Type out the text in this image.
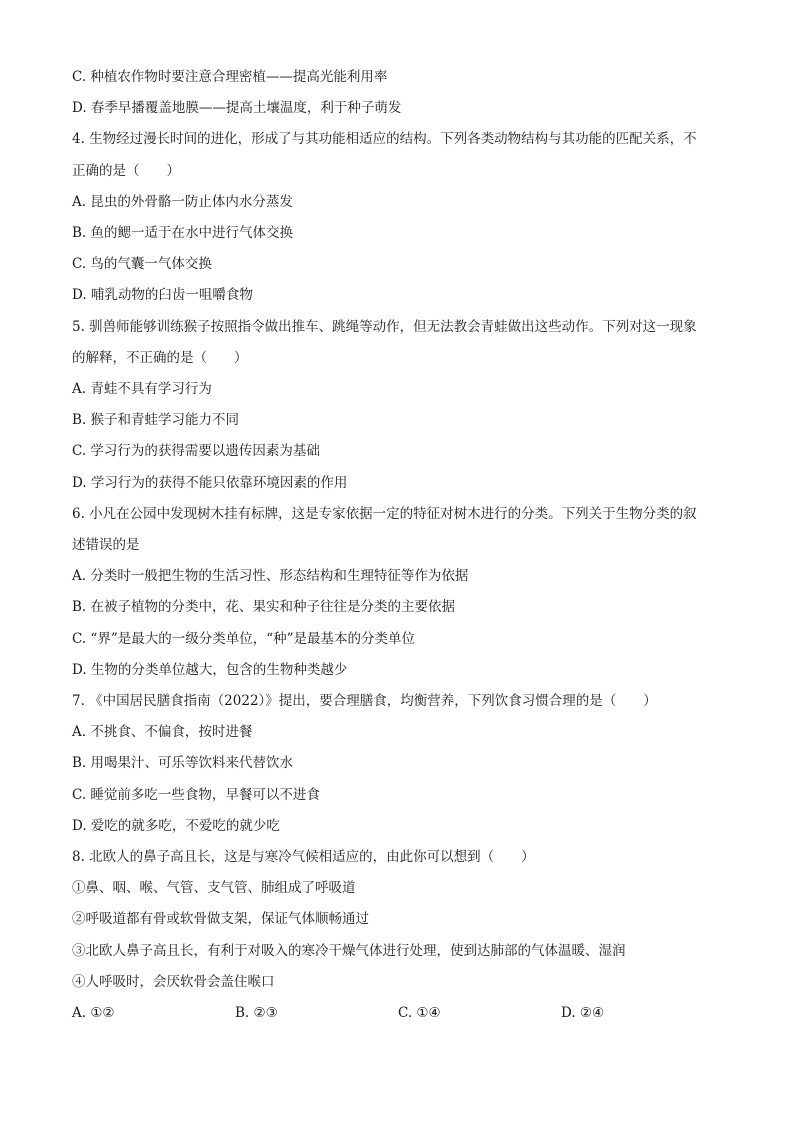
C. 种植农作物时要注意合理密植——提高光能利用率
D. 春季早播覆盖地膜——提高土壤温度，利于种子萌发
4. 生物经过漫长时间的进化，形成了与其功能相适应的结构。下列各类动物结构与其功能的匹配关系，不
正确的是（　　）
A. 昆虫的外骨骼一防止体内水分蒸发
B. 鱼的鳃一适于在水中进行气体交换
C. 鸟的气囊一气体交换
D. 哺乳动物的臼齿一咀嚼食物
5. 驯兽师能够训练猴子按照指令做出推车、跳绳等动作，但无法教会青蛙做出这些动作。下列对这一现象
的解释，不正确的是（　　）
A. 青蛙不具有学习行为
B. 猴子和青蛙学习能力不同
C. 学习行为的获得需要以遗传因素为基础
D. 学习行为的获得不能只依靠环境因素的作用
6. 小凡在公园中发现树木挂有标牌，这是专家依据一定的特征对树木进行的分类。下列关于生物分类的叙
述错误的是
A. 分类时一般把生物的生活习性、形态结构和生理特征等作为依据
B. 在被子植物的分类中，花、果实和种子往往是分类的主要依据
C. “界”是最大的一级分类单位，“种”是最基本的分类单位
D. 生物的分类单位越大，包含的生物种类越少
7. 《中国居民膳食指南（2022）》提出，要合理膳食，均衡营养，下列饮食习惯合理的是（　　）
A. 不挑食、不偏食，按时进餐
B. 用喝果汁、可乐等饮料来代替饮水
C. 睡觉前多吃一些食物，早餐可以不进食
D. 爱吃的就多吃，不爱吃的就少吃
8. 北欧人的鼻子高且长，这是与寒冷气候相适应的，由此你可以想到（　　）
①鼻、咽、喉、气管、支气管、肺组成了呼吸道
②呼吸道都有骨或软骨做支架，保证气体顺畅通过
③北欧人鼻子高且长，有利于对吸入的寒冷干燥气体进行处理，使到达肺部的气体温暖、湿润
④人呼吸时，会厌软骨会盖住喉口
A. ①②	B. ②③	C. ①④	D. ②④
